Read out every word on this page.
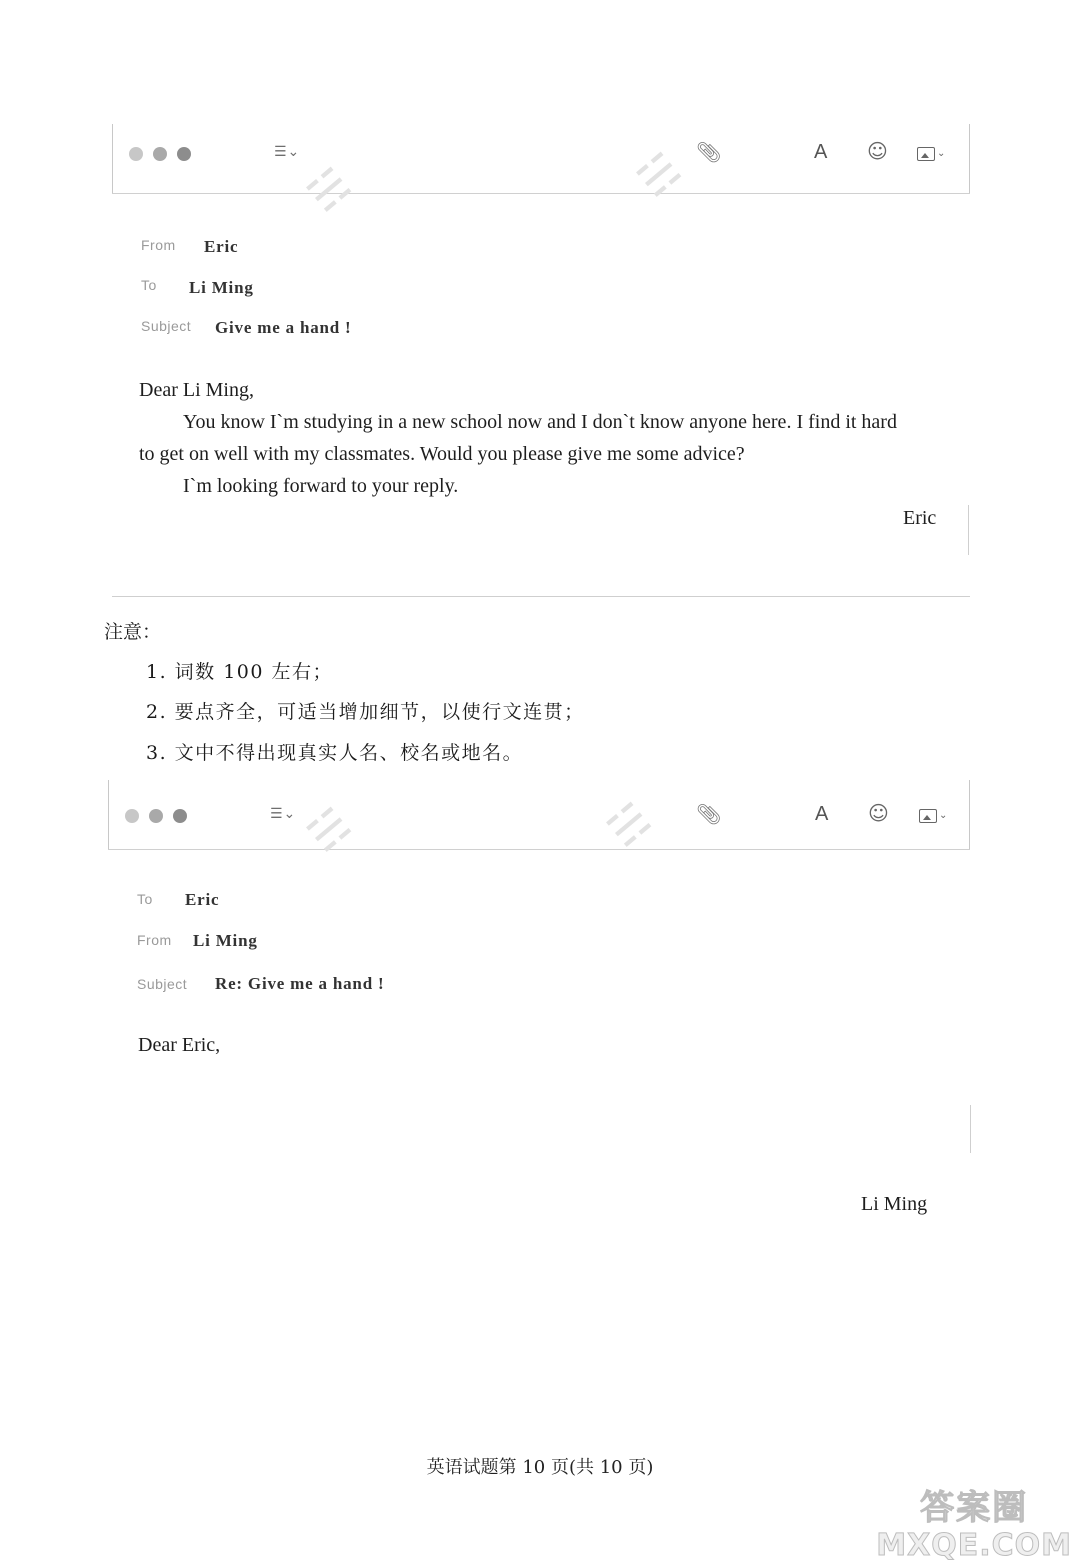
☰⌄	📎︎	A ☺	⌄
From Eric
To Li Ming
Subject Give me a hand !
Dear Li Ming,
You know I`m studying in a new school now and I don`t know anyone here. I find it hard
to get on well with my classmates. Would you please give me some advice?
I`m looking forward to your reply.
Eric
注意：
1. 词数 100 左右；
2. 要点齐全，可适当增加细节，以使行文连贯；
3. 文中不得出现真实人名、校名或地名。
☰⌄	📎︎	A ☺	⌄
To Eric
From Li Ming
Subject Re: Give me a hand !
Dear Eric,
Li Ming
英语试题第 10 页(共 10 页)
☵	☵
☵	☵
答案圈
MXQE.COM
